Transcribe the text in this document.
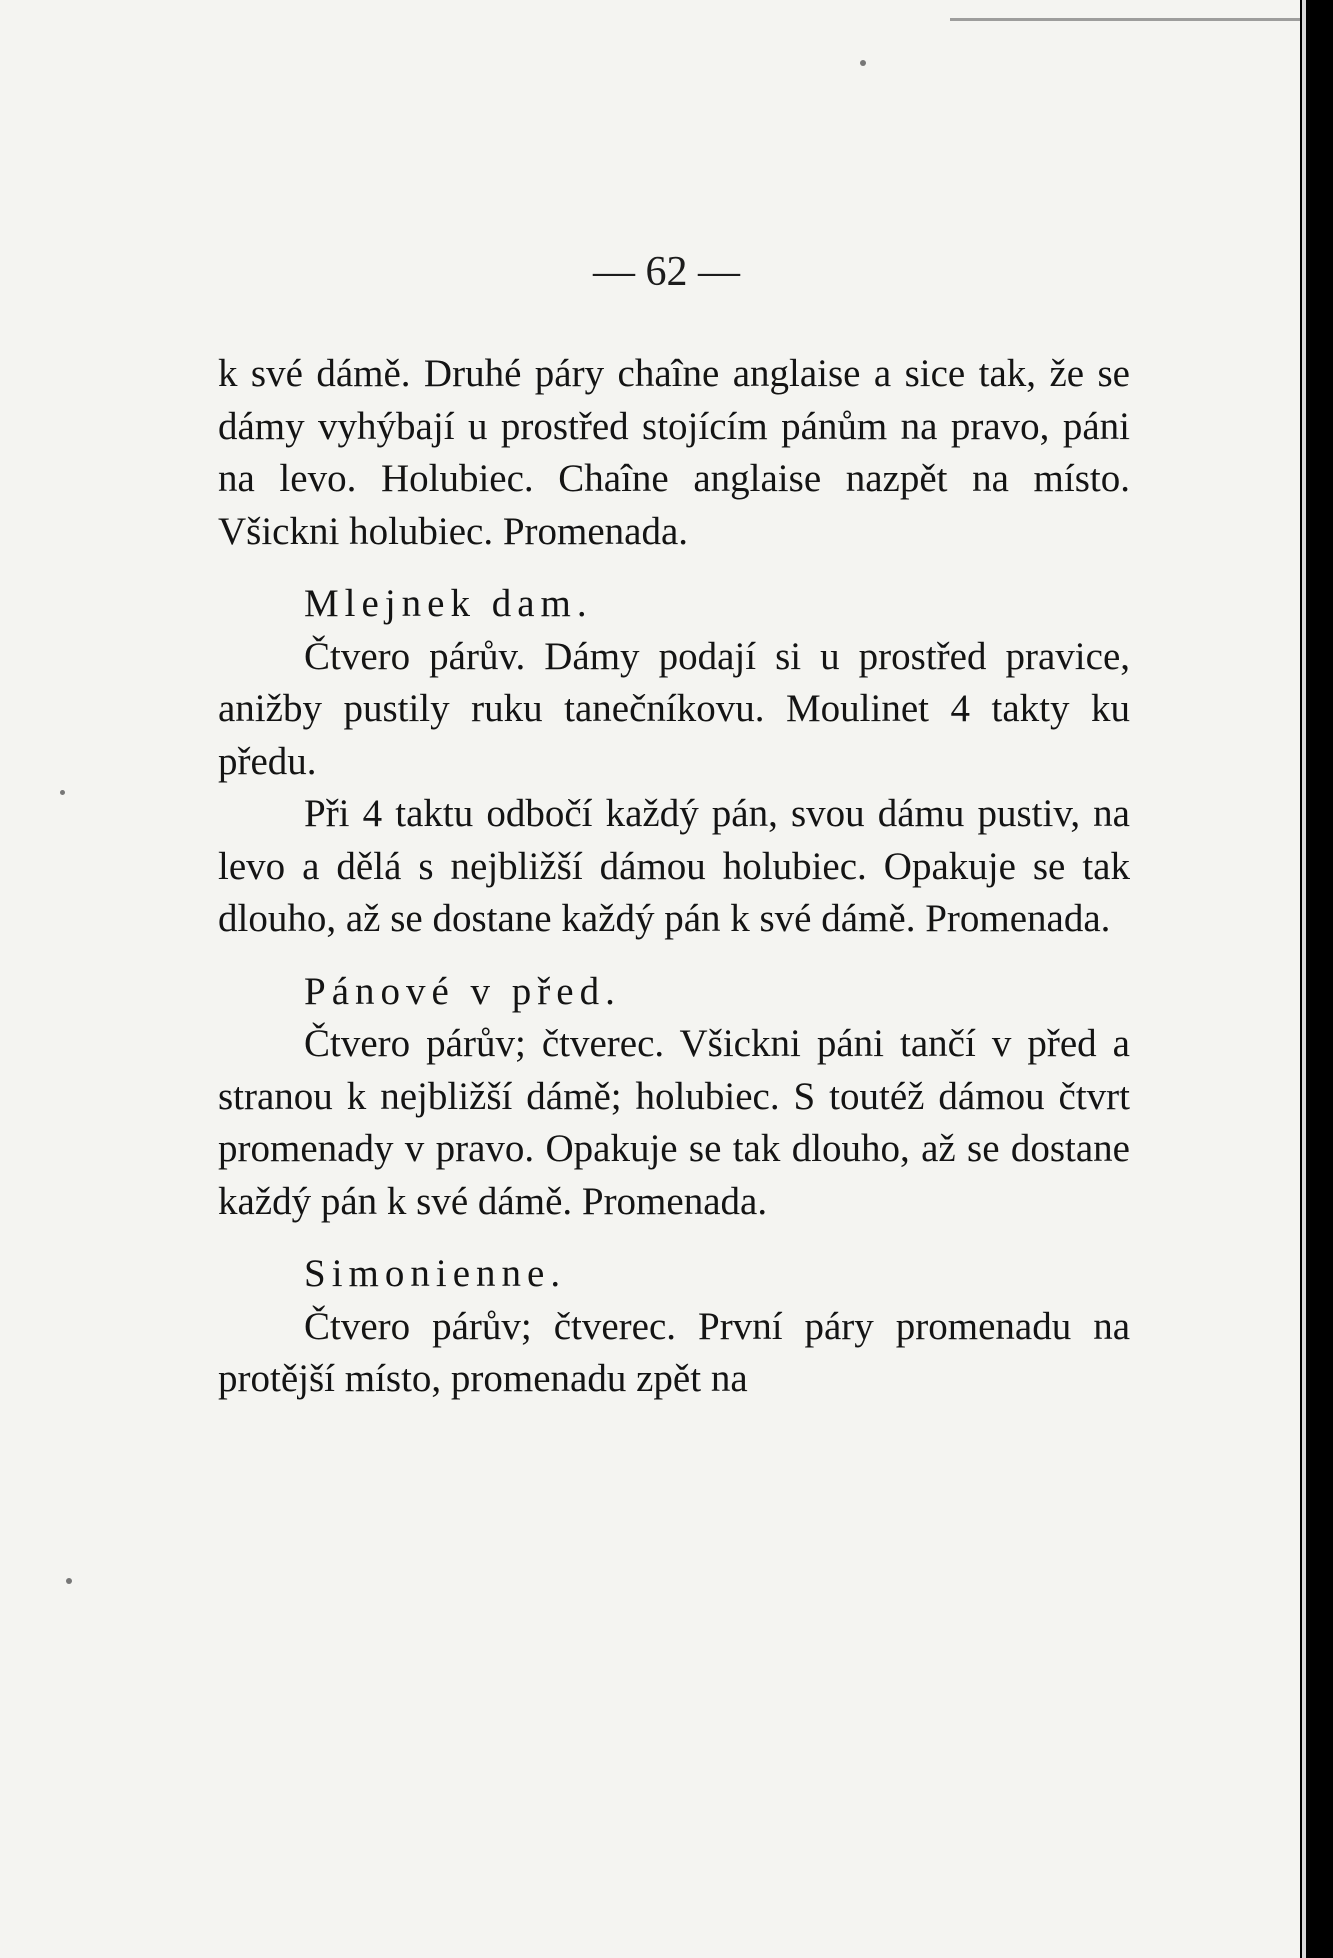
— 62 —

k své dámě. Druhé páry chaîne anglaise a sice tak, že se dámy vyhýbají u prostřed stojícím pánům na pravo, páni na levo. Holubiec. Chaîne anglaise nazpět na místo. Všickni holubiec. Promenada.

Mlejnek dam.

Čtvero párův. Dámy podají si u prostřed pravice, anižby pustily ruku tanečníkovu. Moulinet 4 takty ku předu.

Při 4 taktu odbočí každý pán, svou dámu pustiv, na levo a dělá s nejbližší dámou holubiec. Opakuje se tak dlouho, až se dostane každý pán k své dámě. Promenada.

Pánové v před.

Čtvero párův; čtverec. Všickni páni tančí v před a stranou k nejbližší dámě; holubiec. S toutéž dámou čtvrt promenady v pravo. Opakuje se tak dlouho, až se dostane každý pán k své dámě. Promenada.

Simonienne.

Čtvero párův; čtverec. První páry promenadu na protější místo, promenadu zpět na
